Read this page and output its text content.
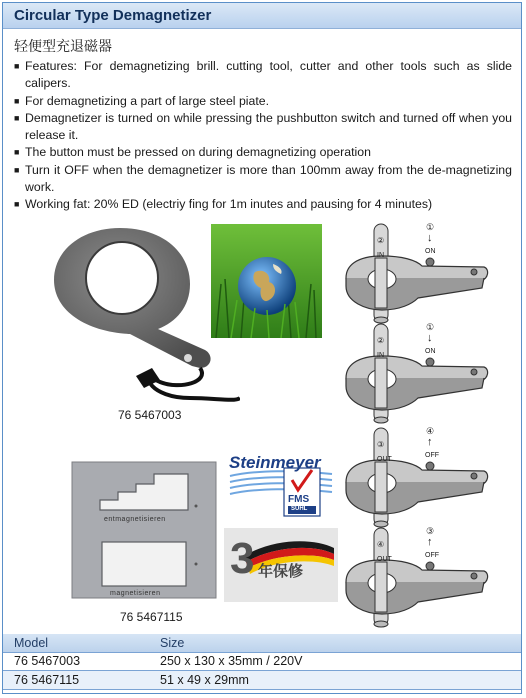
Circular Type Demagnetizer
轻便型充退磁器
■ Features: For demagnetizing brill. cutting tool, cutter and other tools such as slide calipers.
■ For demagnetizing a part of large steel piate.
■ Demagnetizer is turned on while pressing the pushbutton switch and turned off when you release it.
■ The button must be pressed on during demagnetizing operation
■ Turn it OFF when the demagnetizer is more than 100mm away from the de-magnetizing work.
■ Working fat: 20% ED (electriy fing for 1m inutes and pausing for 4 minutes)
76 5467003
entmagnetisieren
magnetisieren
76 5467115
Steinmeyer
FMS
SUHL
3 年保修
①
↓
ON
②
IN
①
↓
ON
②
IN
④
↑
OFF
③
OUT
③
↑
OFF
④
OUT
Model	Size
76 5467003	250 x 130 x 35mm / 220V
76 5467115	51 x 49 x 29mm
